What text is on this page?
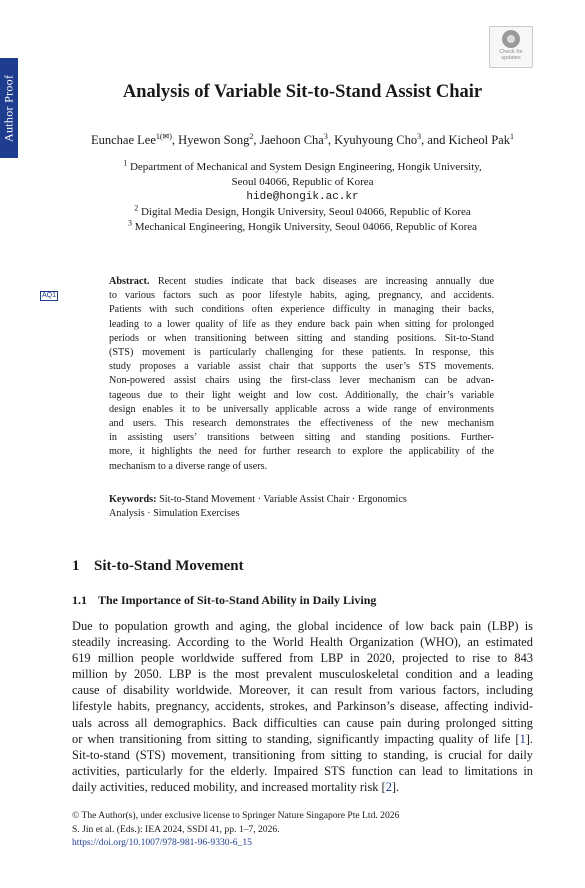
Author Proof
AQ1
Check for
updates
Analysis of Variable Sit-to-Stand Assist Chair
Eunchae Lee$^{1(✉)}$, Hyewon Song$^2$, Jaehoon Cha$^3$, Kyuhyoung Cho$^3$, and Kicheol Pak$^1$
$^1$ Department of Mechanical and System Design Engineering, Hongik University,
Seoul 04066, Republic of Korea
hide@hongik.ac.kr
$^2$ Digital Media Design, Hongik University, Seoul 04066, Republic of Korea
$^3$ Mechanical Engineering, Hongik University, Seoul 04066, Republic of Korea
Abstract. Recent studies indicate that back diseases are increasing annually due
to various factors such as poor lifestyle habits, aging, pregnancy, and accidents.
Patients with such conditions often experience difficulty in managing their backs,
leading to a lower quality of life as they endure back pain when sitting for prolonged
periods or when transitioning between sitting and standing positions. Sit-to-Stand
(STS) movement is particularly challenging for these patients. In response, this
study proposes a variable assist chair that supports the user’s STS movements.
Non-powered assist chairs using the first-class lever mechanism can be advan-
tageous due to their light weight and low cost. Additionally, the chair’s variable
design enables it to be universally applicable across a wide range of environments
and users. This research demonstrates the effectiveness of the new mechanism
in assisting users’ transitions between sitting and standing positions. Further-
more, it highlights the need for further research to explore the applicability of the
mechanism to a diverse range of users.
Keywords: Sit-to-Stand Movement · Variable Assist Chair · Ergonomics
Analysis · Simulation Exercises
1 Sit-to-Stand Movement
1.1 The Importance of Sit-to-Stand Ability in Daily Living
Due to population growth and aging, the global incidence of low back pain (LBP) is
steadily increasing. According to the World Health Organization (WHO), an estimated
619 million people worldwide suffered from LBP in 2020, projected to rise to 843
million by 2050. LBP is the most prevalent musculoskeletal condition and a leading
cause of disability worldwide. Moreover, it can result from various factors, including
lifestyle habits, pregnancy, accidents, strokes, and Parkinson’s disease, affecting individ-
uals across all demographics. Back difficulties can cause pain during prolonged sitting
or when transitioning from sitting to standing, significantly impacting quality of life [1].
Sit-to-stand (STS) movement, transitioning from sitting to standing, is crucial for daily
activities, particularly for the elderly. Impaired STS function can lead to limitations in
daily activities, reduced mobility, and increased mortality risk [2].
© The Author(s), under exclusive license to Springer Nature Singapore Pte Ltd. 2026
S. Jin et al. (Eds.): IEA 2024, SSDI 41, pp. 1–7, 2026.
https://doi.org/10.1007/978-981-96-9330-6_15
